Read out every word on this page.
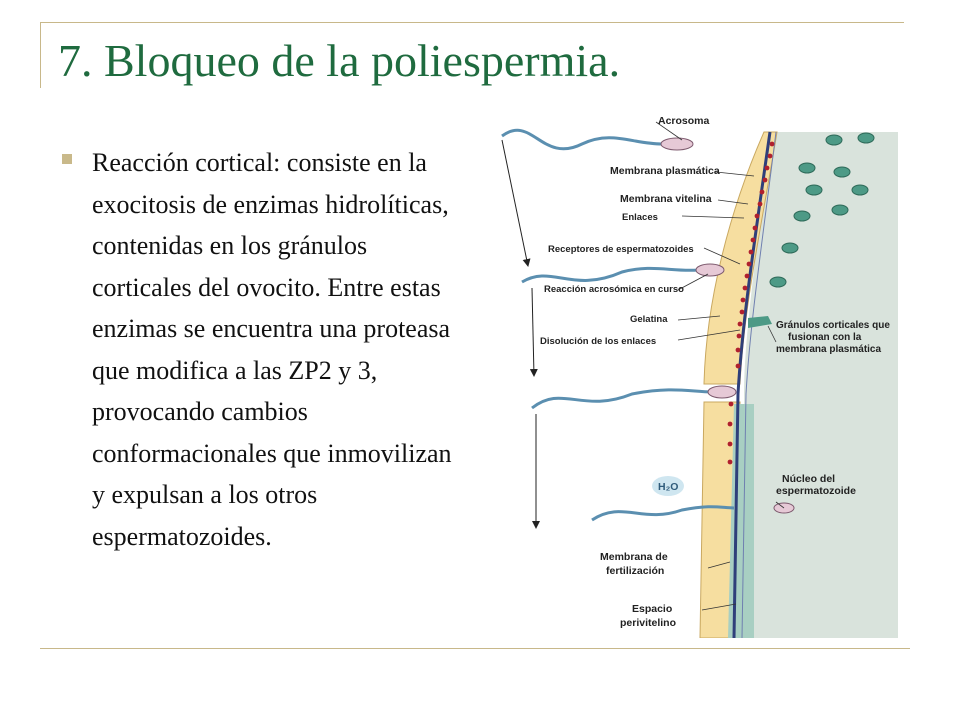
7. Bloqueo de la poliespermia.

Reacción cortical: consiste en la exocitosis de enzimas hidrolíticas, contenidas en los gránulos corticales del ovocito. Entre estas enzimas se encuentra una proteasa que modifica a las ZP2 y 3, provocando cambios conformacionales que inmovilizan y expulsan a los otros espermatozoides.

Acrosoma
Membrana plasmática
Membrana vitelina
Enlaces
Receptores de espermatozoides
Reacción acrosómica en curso
Gelatina
Disolución de los enlaces
Gránulos corticales que
fusionan con la
membrana plasmática
H₂O
Núcleo del
espermatozoide
Membrana de
fertilización
Espacio
perivitelino
